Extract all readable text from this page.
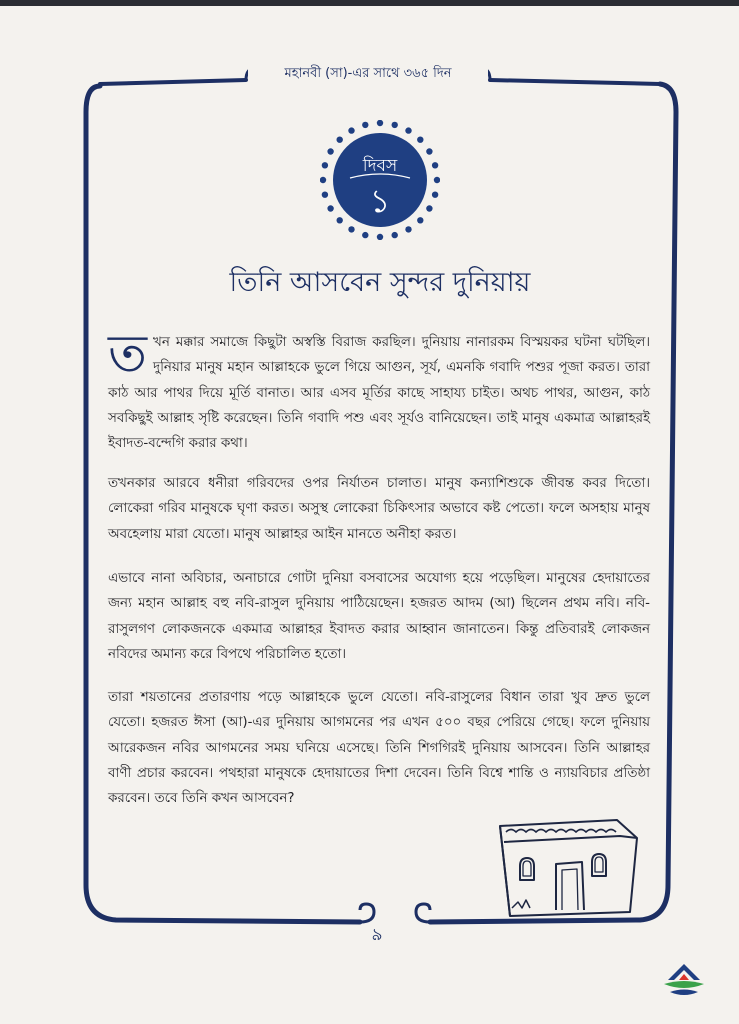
মহানবী (সা)-এর সাথে ৩৬৫ দিন
দিবস
১
তিনি আসবেন সুন্দর দুনিয়ায়

তখন মক্কার সমাজে কিছুটা অস্বস্তি বিরাজ করছিল। দুনিয়ায় নানারকম বিস্ময়কর ঘটনা ঘটছিল। দুনিয়ার মানুষ মহান আল্লাহকে ভুলে গিয়ে আগুন, সূর্য, এমনকি গবাদি পশুর পূজা করত। তারা কাঠ আর পাথর দিয়ে মূর্তি বানাত। আর এসব মূর্তির কাছে সাহায্য চাইত। অথচ পাথর, আগুন, কাঠ সবকিছুই আল্লাহ সৃষ্টি করেছেন। তিনি গবাদি পশু এবং সূর্যও বানিয়েছেন। তাই মানুষ একমাত্র আল্লাহরই ইবাদত-বন্দেগি করার কথা।

তখনকার আরবে ধনীরা গরিবদের ওপর নির্যাতন চালাত। মানুষ কন্যাশিশুকে জীবন্ত কবর দিতো। লোকেরা গরিব মানুষকে ঘৃণা করত। অসুস্থ লোকেরা চিকিৎসার অভাবে কষ্ট পেতো। ফলে অসহায় মানুষ অবহেলায় মারা যেতো। মানুষ আল্লাহর আইন মানতে অনীহা করত।

এভাবে নানা অবিচার, অনাচারে গোটা দুনিয়া বসবাসের অযোগ্য হয়ে পড়েছিল। মানুষের হেদায়াতের জন্য মহান আল্লাহ বহু নবি-রাসুল দুনিয়ায় পাঠিয়েছেন। হজরত আদম (আ) ছিলেন প্রথম নবি। নবি-রাসুলগণ লোকজনকে একমাত্র আল্লাহর ইবাদত করার আহ্বান জানাতেন। কিন্তু প্রতিবারই লোকজন নবিদের অমান্য করে বিপথে পরিচালিত হতো।

তারা শয়তানের প্রতারণায় পড়ে আল্লাহকে ভুলে যেতো। নবি-রাসুলের বিধান তারা খুব দ্রুত ভুলে যেতো। হজরত ঈসা (আ)-এর দুনিয়ায় আগমনের পর এখন ৫০০ বছর পেরিয়ে গেছে। ফলে দুনিয়ায় আরেকজন নবির আগমনের সময় ঘনিয়ে এসেছে। তিনি শিগগিরই দুনিয়ায় আসবেন। তিনি আল্লাহর বাণী প্রচার করবেন। পথহারা মানুষকে হেদায়াতের দিশা দেবেন। তিনি বিশ্বে শান্তি ও ন্যায়বিচার প্রতিষ্ঠা করবেন। তবে তিনি কখন আসবেন?

৯
